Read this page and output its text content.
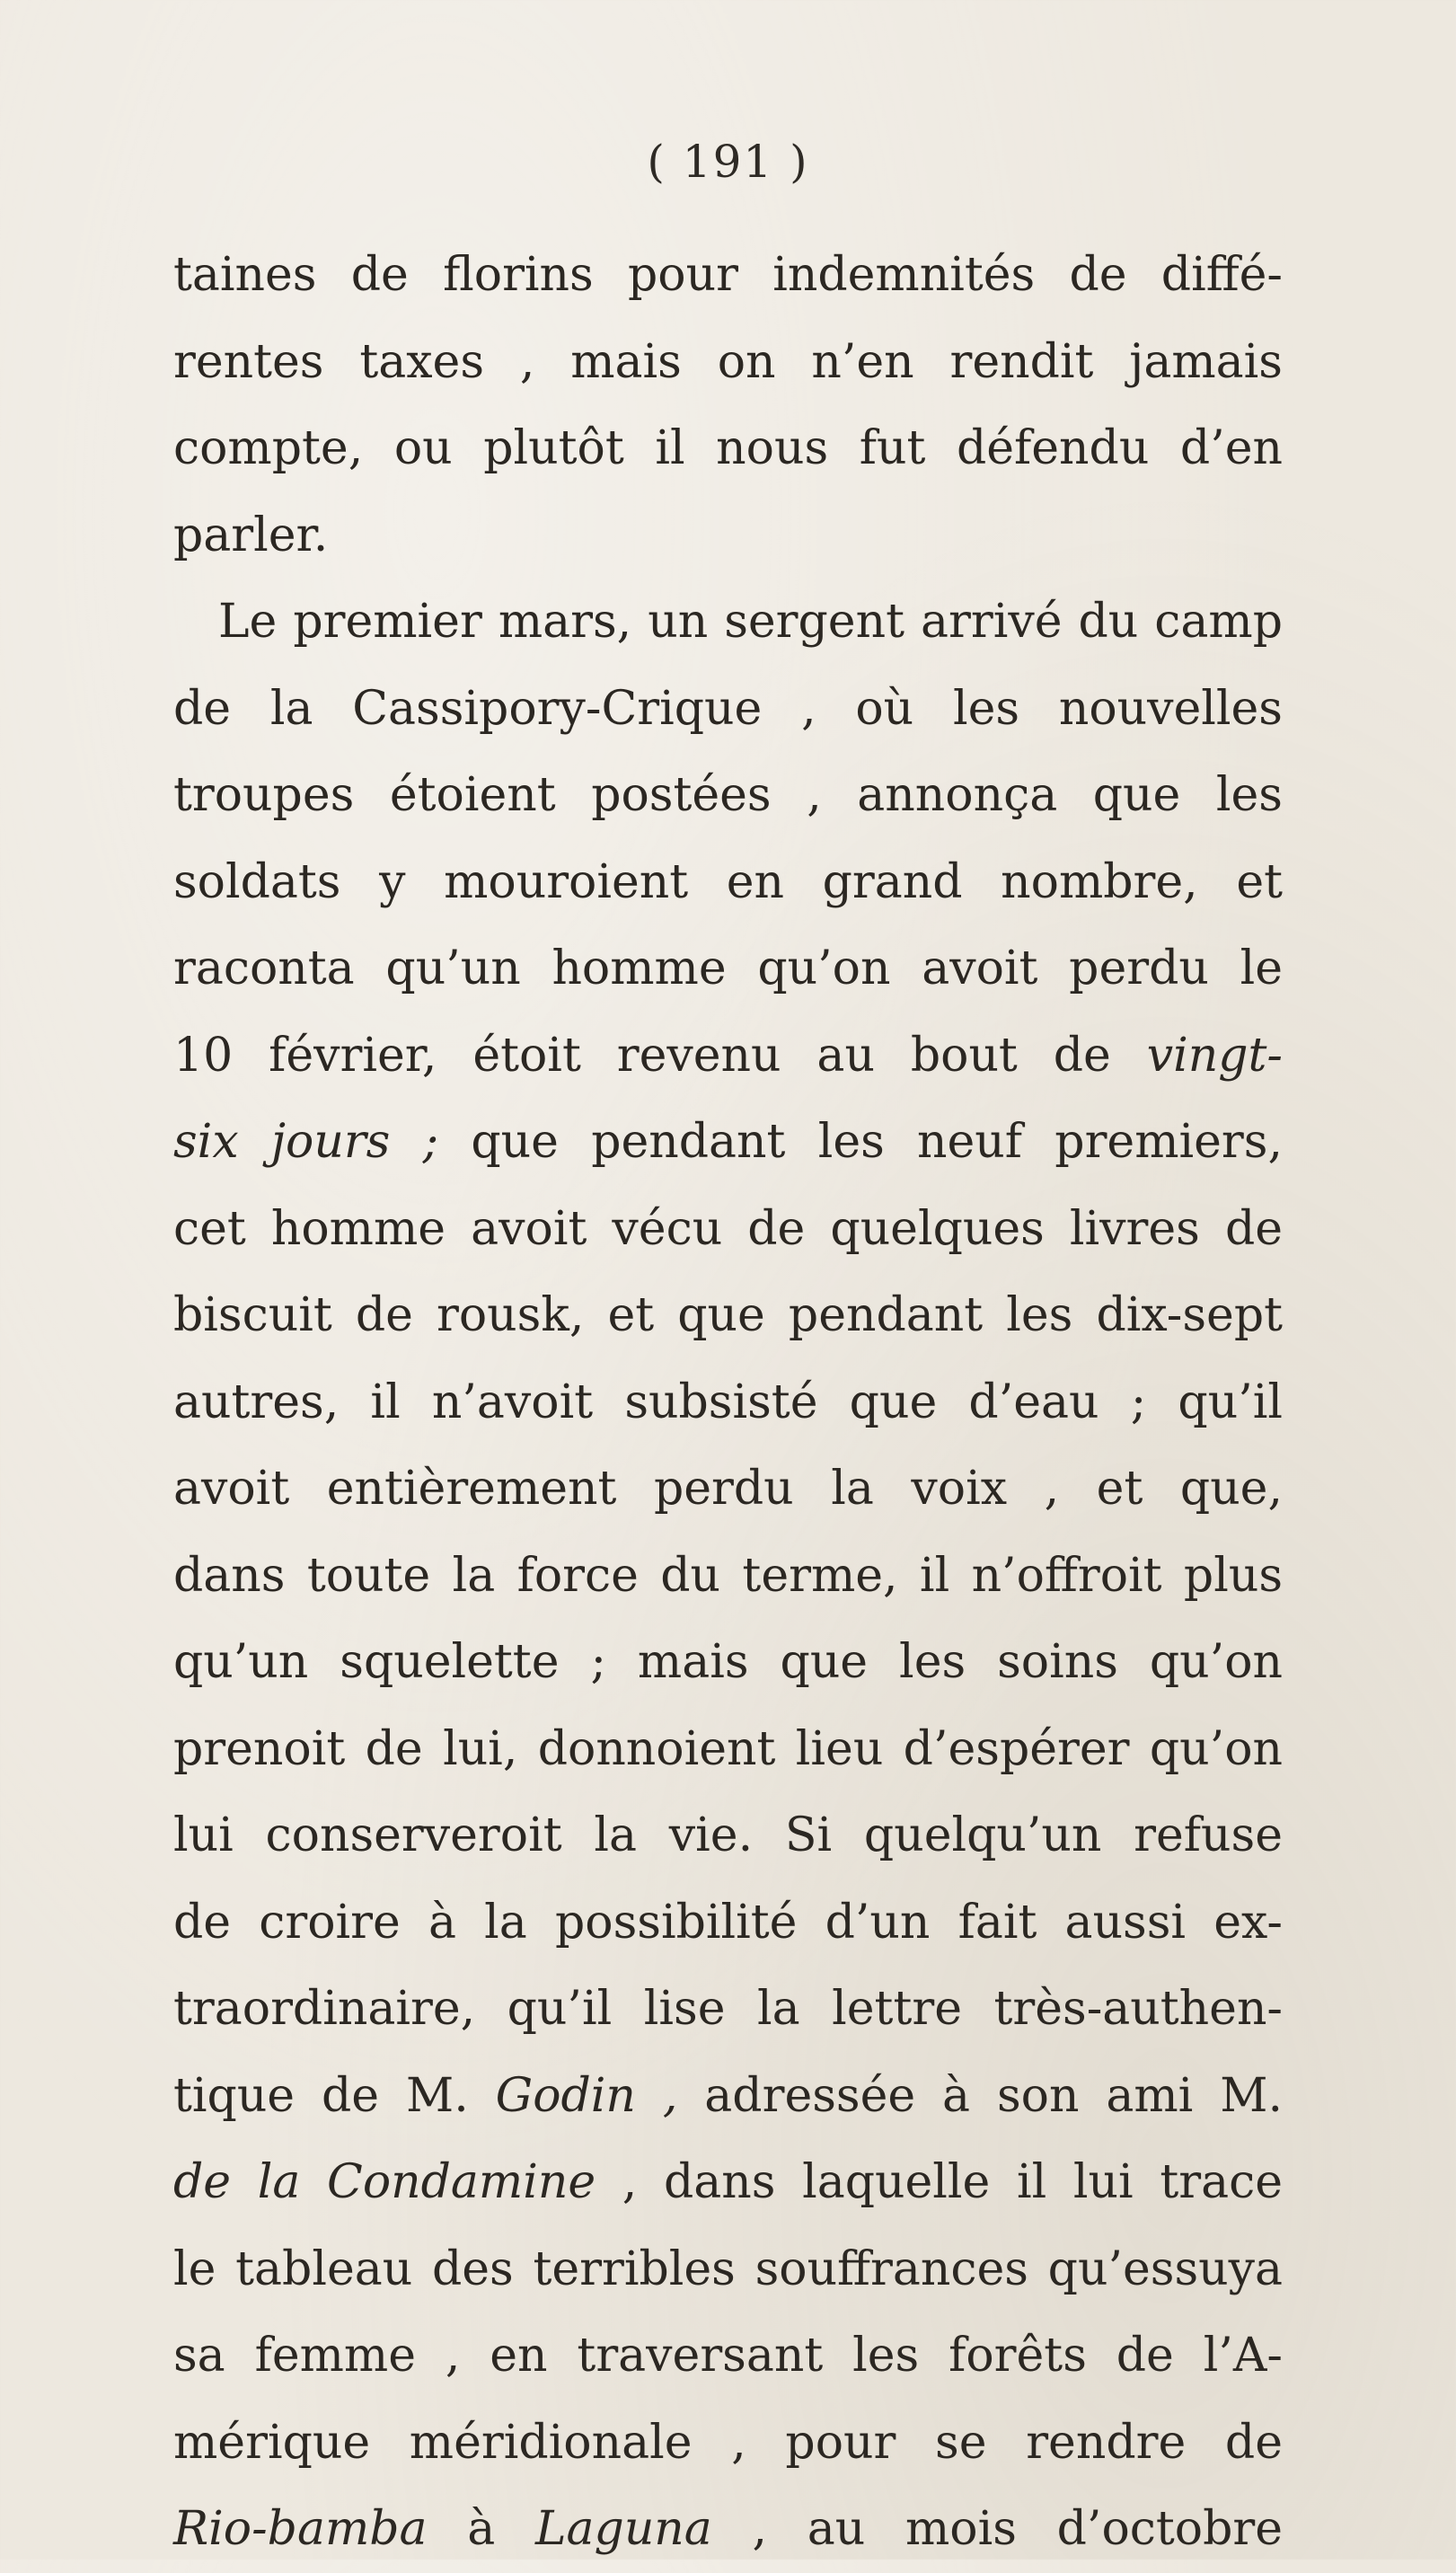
( 191 )
taines de florins pour indemnités de diffé-
rentes taxes , mais on n’en rendit jamais
compte, ou plutôt il nous fut défendu d’en
parler.
Le premier mars, un sergent arrivé du camp
de la Cassipory-Crique , où les nouvelles
troupes étoient postées , annonça que les
soldats y mouroient en grand nombre, et
raconta qu’un homme qu’on avoit perdu le
10 février, étoit revenu au bout de vingt-
six jours ; que pendant les neuf premiers,
cet homme avoit vécu de quelques livres de
biscuit de rousk, et que pendant les dix-sept
autres, il n’avoit subsisté que d’eau ; qu’il
avoit entièrement perdu la voix , et que,
dans toute la force du terme, il n’offroit plus
qu’un squelette ; mais que les soins qu’on
prenoit de lui, donnoient lieu d’espérer qu’on
lui conserveroit la vie. Si quelqu’un refuse
de croire à la possibilité d’un fait aussi ex-
traordinaire, qu’il lise la lettre très-authen-
tique de M. Godin , adressée à son ami M.
de la Condamine , dans laquelle il lui trace
le tableau des terribles souffrances qu’essuya
sa femme , en traversant les forêts de l’A-
mérique méridionale , pour se rendre de
Rio-bamba à Laguna , au mois d’octobre
